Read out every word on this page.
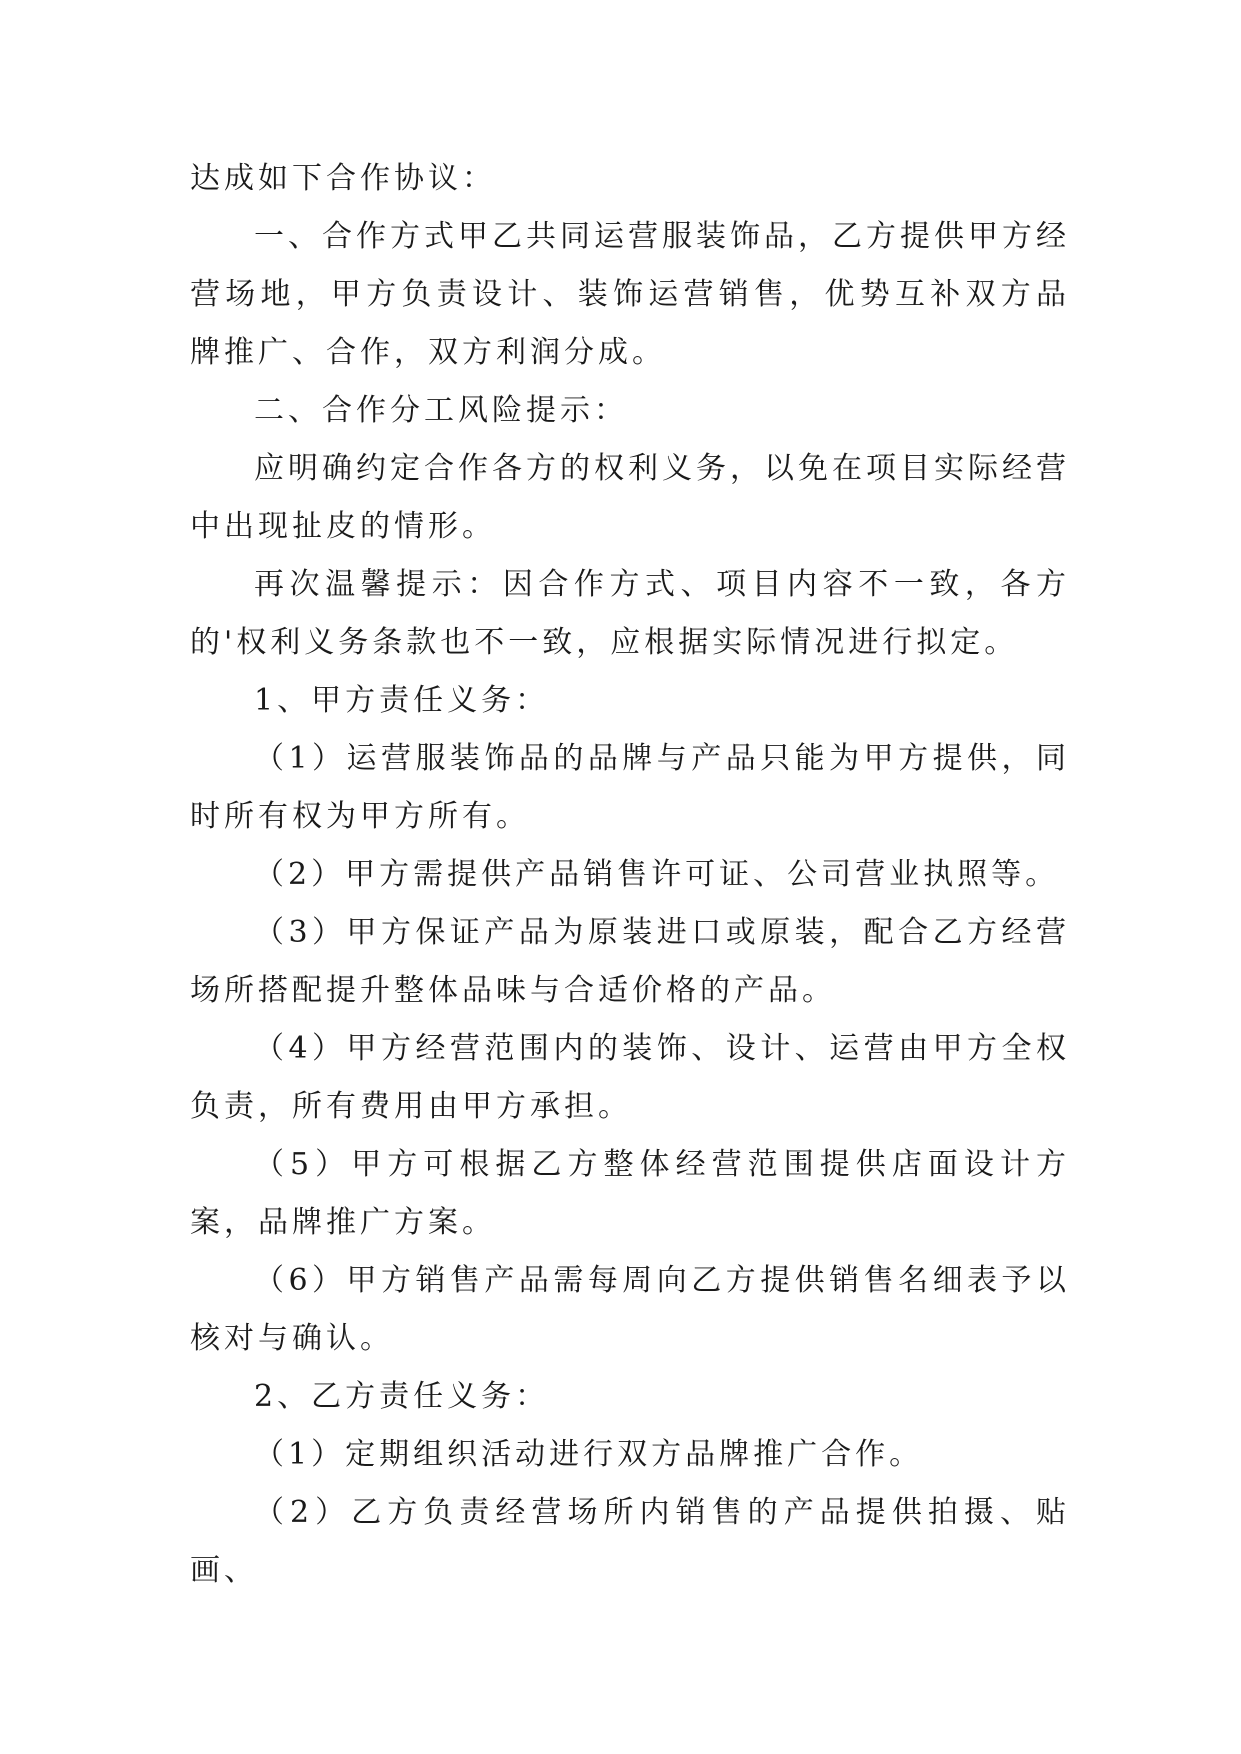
达成如下合作协议：

一、合作方式甲乙共同运营服装饰品，乙方提供甲方经营场地，甲方负责设计、装饰运营销售，优势互补双方品牌推广、合作，双方利润分成。

二、合作分工风险提示：

应明确约定合作各方的权利义务，以免在项目实际经营中出现扯皮的情形。

再次温馨提示：因合作方式、项目内容不一致，各方的'权利义务条款也不一致，应根据实际情况进行拟定。

1、甲方责任义务：

（1）运营服装饰品的品牌与产品只能为甲方提供，同时所有权为甲方所有。

（2）甲方需提供产品销售许可证、公司营业执照等。

（3）甲方保证产品为原装进口或原装，配合乙方经营场所搭配提升整体品味与合适价格的产品。

（4）甲方经营范围内的装饰、设计、运营由甲方全权负责，所有费用由甲方承担。

（5）甲方可根据乙方整体经营范围提供店面设计方案，品牌推广方案。

（6）甲方销售产品需每周向乙方提供销售名细表予以核对与确认。

2、乙方责任义务：

（1）定期组织活动进行双方品牌推广合作。

（2）乙方负责经营场所内销售的产品提供拍摄、贴画、
